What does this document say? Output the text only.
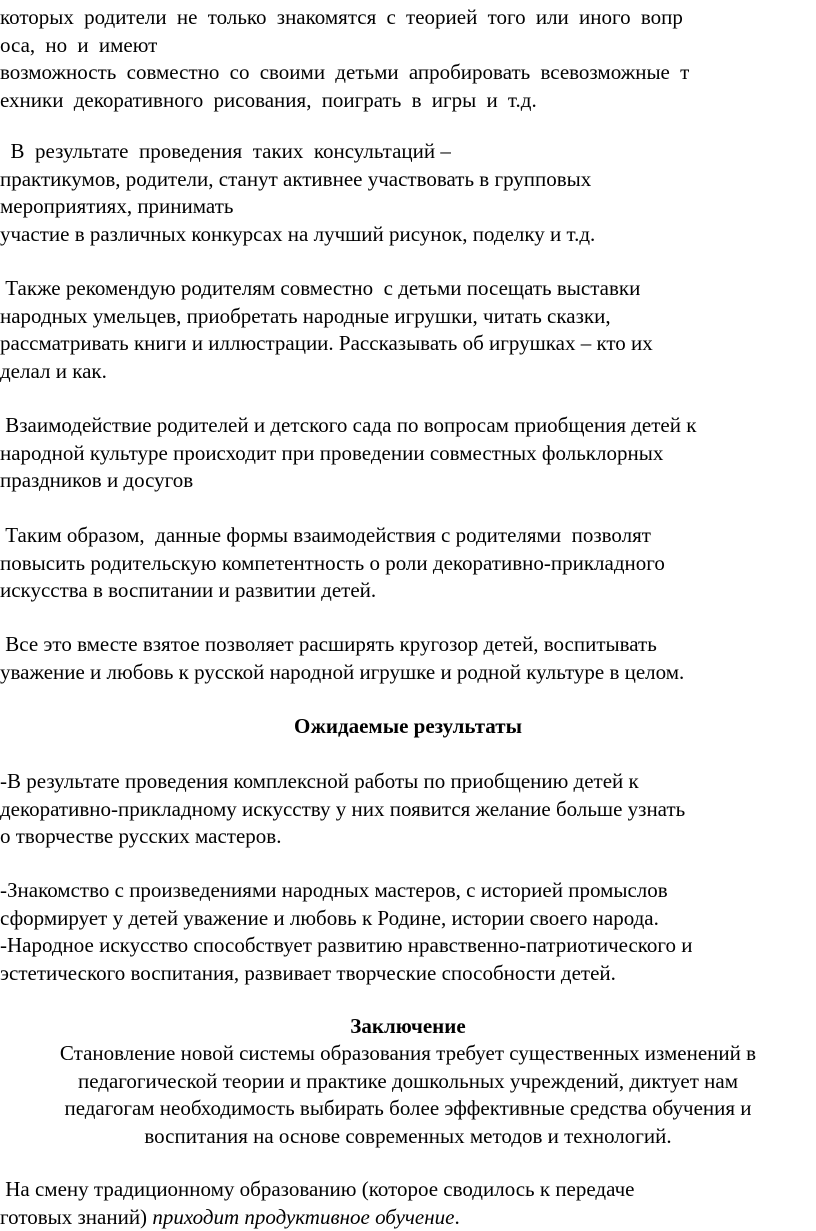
которых родители не только знакомятся с теорией того или иного вопр
оса, но и имеют
возможность совместно со своими детьми апробировать всевозможные т
ехники декоративного рисования, поиграть в игры и т.д.
В  результате  проведения  таких  консультаций –
практикумов, родители, станут активнее участвовать в групповых
мероприятиях, принимать
участие в различных конкурсах на лучший рисунок, поделку и т.д.
Также рекомендую родителям совместно  с детьми посещать выставки
народных умельцев, приобретать народные игрушки, читать сказки,
рассматривать книги и иллюстрации. Рассказывать об игрушках – кто их
делал и как.
Взаимодействие родителей и детского сада по вопросам приобщения детей к
народной культуре происходит при проведении совместных фольклорных
праздников и досугов
Таким образом,  данные формы взаимодействия с родителями  позволят
повысить родительскую компетентность о роли декоративно-прикладного
искусства в воспитании и развитии детей.
Все это вместе взятое позволяет расширять кругозор детей, воспитывать
уважение и любовь к русской народной игрушке и родной культуре в целом.
Ожидаемые результаты
-В результате проведения комплексной работы по приобщению детей к
декоративно-прикладному искусству у них появится желание больше узнать
о творчестве русских мастеров.
-Знакомство с произведениями народных мастеров, с историей промыслов
сформирует у детей уважение и любовь к Родине, истории своего народа.
-Народное искусство способствует развитию нравственно-патриотического и
эстетического воспитания, развивает творческие способности детей.
Заключение
Становление новой системы образования требует существенных изменений в
педагогической теории и практике дошкольных учреждений, диктует нам
педагогам необходимость выбирать более эффективные средства обучения и
воспитания на основе современных методов и технологий.
На смену традиционному образованию (которое сводилось к передаче
готовых знаний) приходит продуктивное обучение.
